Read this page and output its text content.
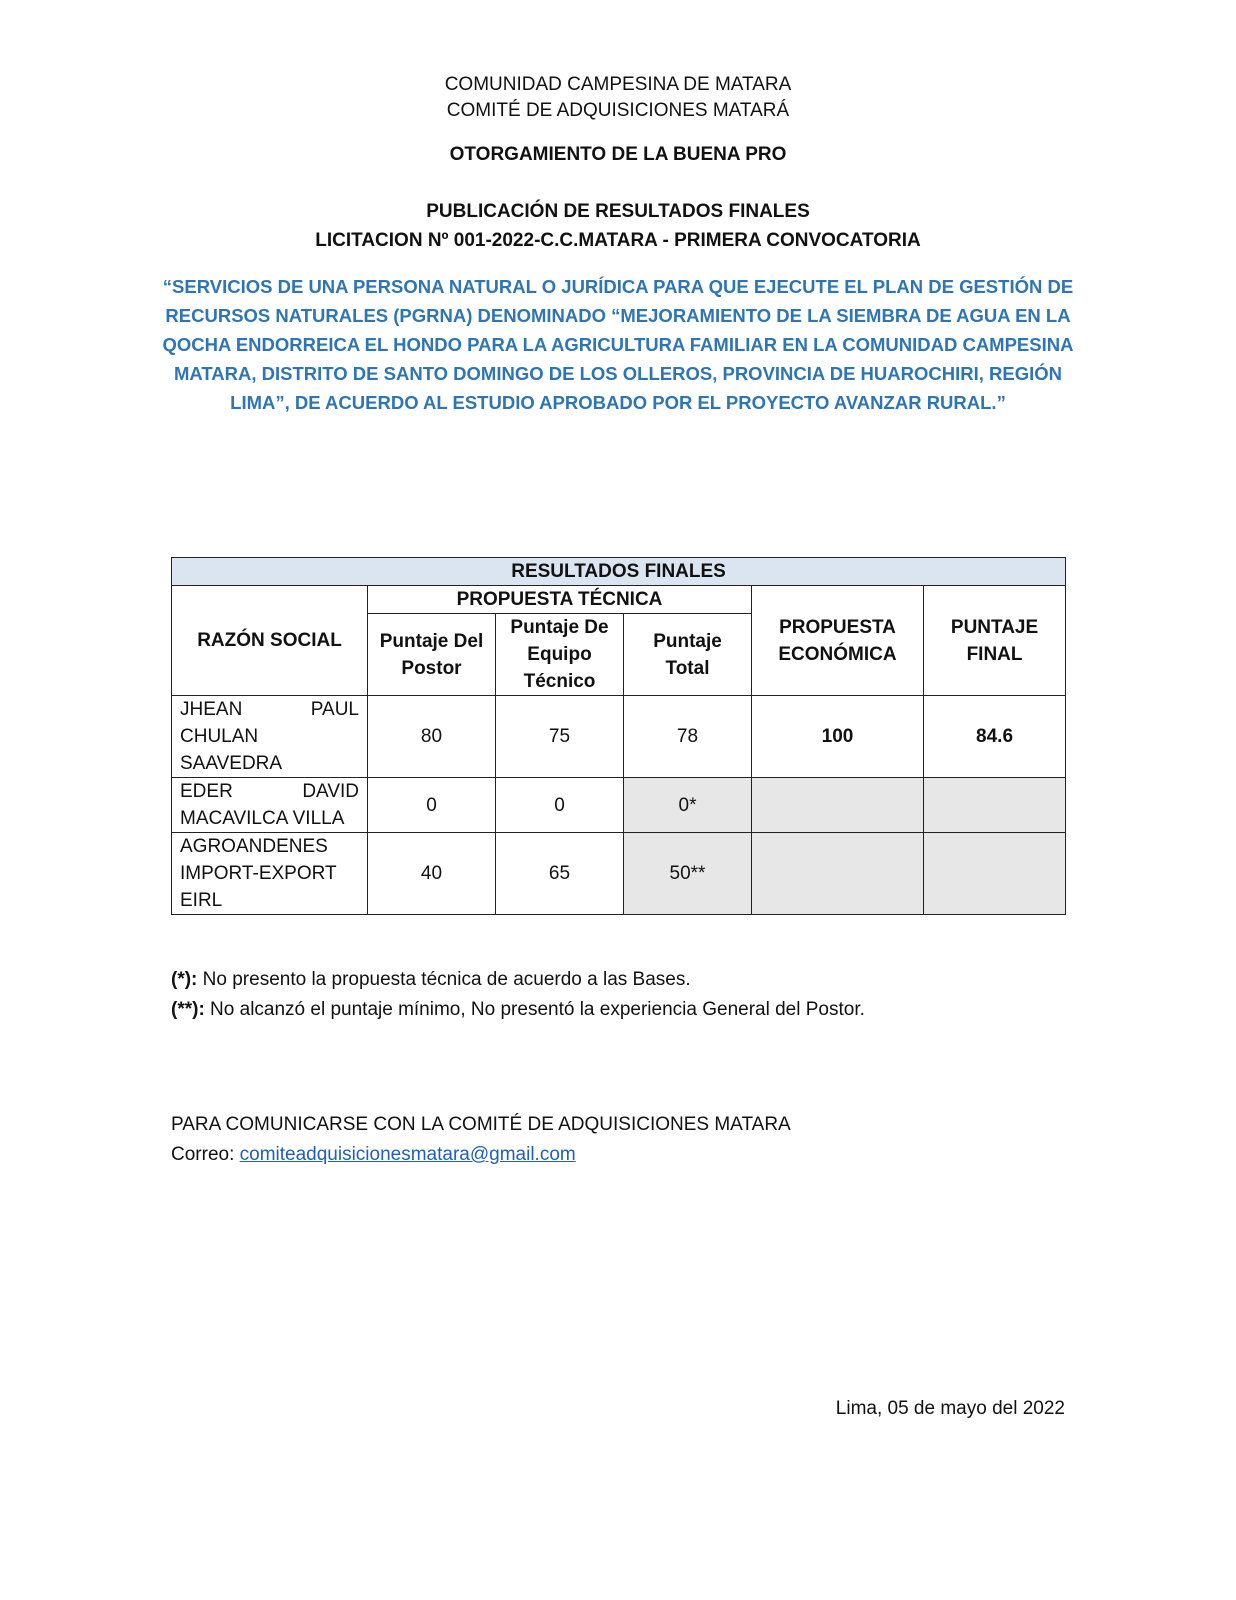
COMUNIDAD CAMPESINA DE MATARA
COMITÉ DE ADQUISICIONES MATARÁ
OTORGAMIENTO DE LA BUENA PRO
PUBLICACIÓN DE RESULTADOS FINALES
LICITACION Nº 001-2022-C.C.MATARA - PRIMERA CONVOCATORIA
“SERVICIOS DE UNA PERSONA NATURAL O JURÍDICA PARA QUE EJECUTE EL PLAN DE GESTIÓN DE RECURSOS NATURALES (PGRNA) DENOMINADO “MEJORAMIENTO DE LA SIEMBRA DE AGUA EN LA QOCHA ENDORREICA EL HONDO PARA LA AGRICULTURA FAMILIAR EN LA COMUNIDAD CAMPESINA MATARA, DISTRITO DE SANTO DOMINGO DE LOS OLLEROS, PROVINCIA DE HUAROCHIRI, REGIÓN LIMA”, DE ACUERDO AL ESTUDIO APROBADO POR EL PROYECTO AVANZAR RURAL.”
RESULTADOS FINALES					
RAZÓN SOCIAL	PROPUESTA TÉCNICA			PROPUESTA ECONÓMICA	PUNTAJE FINAL
	Puntaje Del Postor	Puntaje De Equipo Técnico	Puntaje Total		
JHEAN PAUL CHULAN SAAVEDRA	80	75	78	100	84.6
EDER DAVID MACAVILCA VILLA	0	0	0*		
AGROANDENES IMPORT-EXPORT EIRL	40	65	50**		
(*): No presento la propuesta técnica de acuerdo a las Bases.
(**): No alcanzó el puntaje mínimo, No presentó la experiencia General del Postor.
PARA COMUNICARSE CON LA COMITÉ DE ADQUISICIONES MATARA
Correo: comiteadquisicionesmatara@gmail.com
Lima, 05 de mayo del 2022
